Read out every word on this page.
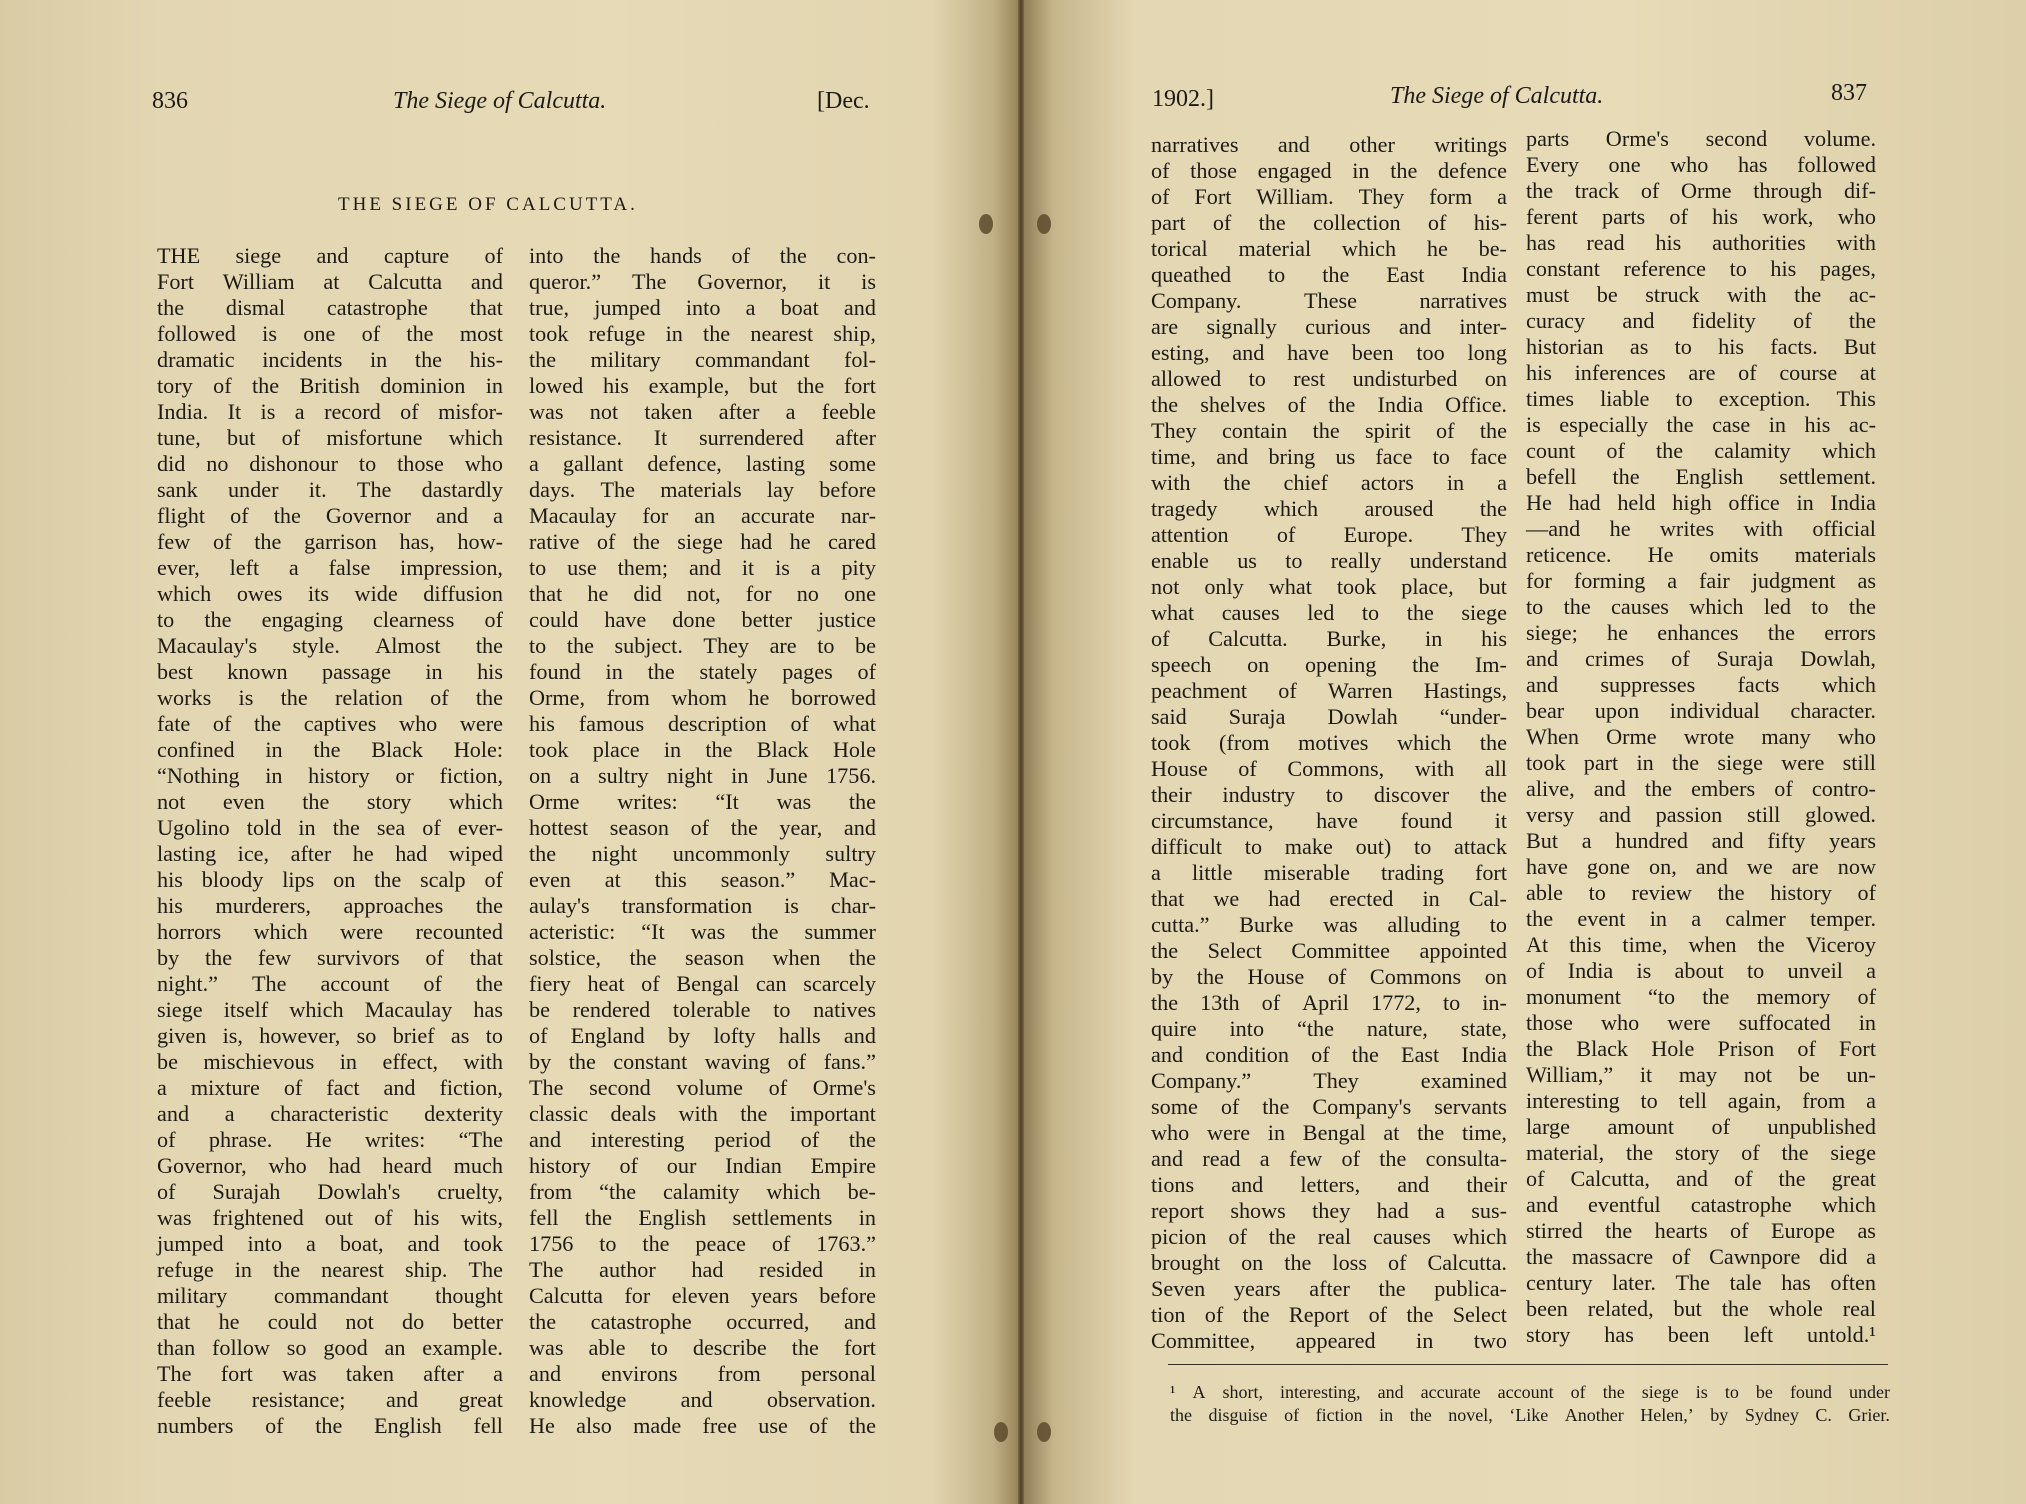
836	The Siege of Calcutta.	[Dec.
THE SIEGE OF CALCUTTA.
THE siege and capture of
Fort William at Calcutta and
the dismal catastrophe that
followed is one of the most
dramatic incidents in the his-
tory of the British dominion in
India. It is a record of misfor-
tune, but of misfortune which
did no dishonour to those who
sank under it. The dastardly
flight of the Governor and a
few of the garrison has, how-
ever, left a false impression,
which owes its wide diffusion
to the engaging clearness of
Macaulay's style. Almost the
best known passage in his
works is the relation of the
fate of the captives who were
confined in the Black Hole:
“Nothing in history or fiction,
not even the story which
Ugolino told in the sea of ever-
lasting ice, after he had wiped
his bloody lips on the scalp of
his murderers, approaches the
horrors which were recounted
by the few survivors of that
night.” The account of the
siege itself which Macaulay has
given is, however, so brief as to
be mischievous in effect, with
a mixture of fact and fiction,
and a characteristic dexterity
of phrase. He writes: “The
Governor, who had heard much
of Surajah Dowlah's cruelty,
was frightened out of his wits,
jumped into a boat, and took
refuge in the nearest ship. The
military commandant thought
that he could not do better
than follow so good an example.
The fort was taken after a
feeble resistance; and great
numbers of the English fell
into the hands of the con-
queror.” The Governor, it is
true, jumped into a boat and
took refuge in the nearest ship,
the military commandant fol-
lowed his example, but the fort
was not taken after a feeble
resistance. It surrendered after
a gallant defence, lasting some
days. The materials lay before
Macaulay for an accurate nar-
rative of the siege had he cared
to use them; and it is a pity
that he did not, for no one
could have done better justice
to the subject. They are to be
found in the stately pages of
Orme, from whom he borrowed
his famous description of what
took place in the Black Hole
on a sultry night in June 1756.
Orme writes: “It was the
hottest season of the year, and
the night uncommonly sultry
even at this season.” Mac-
aulay's transformation is char-
acteristic: “It was the summer
solstice, the season when the
fiery heat of Bengal can scarcely
be rendered tolerable to natives
of England by lofty halls and
by the constant waving of fans.”
The second volume of Orme's
classic deals with the important
and interesting period of the
history of our Indian Empire
from “the calamity which be-
fell the English settlements in
1756 to the peace of 1763.”
The author had resided in
Calcutta for eleven years before
the catastrophe occurred, and
was able to describe the fort
and environs from personal
knowledge and observation.
He also made free use of the
1902.]	The Siege of Calcutta.	837
narratives and other writings
of those engaged in the defence
of Fort William. They form a
part of the collection of his-
torical material which he be-
queathed to the East India
Company.	These	narratives
are signally curious and inter-
esting, and have been too long
allowed to rest undisturbed on
the shelves of the India Office.
They contain the spirit of the
time, and bring us face to face
with the chief actors in a
tragedy which aroused the
attention of Europe. They
enable us to really understand
not only what took place, but
what causes led to the siege
of Calcutta. Burke, in his
speech on opening the Im-
peachment of Warren Hastings,
said Suraja Dowlah “under-
took (from motives which the
House of Commons, with all
their industry to discover the
circumstance, have found it
difficult to make out) to attack
a little miserable trading fort
that we had erected in Cal-
cutta.” Burke was alluding to
the Select Committee appointed
by the House of Commons on
the 13th of April 1772, to in-
quire into “the nature, state,
and condition of the East India
Company.”	They	examined
some of the Company's servants
who were in Bengal at the time,
and read a few of the consulta-
tions and letters, and their
report shows they had a sus-
picion of the real causes which
brought on the loss of Calcutta.
Seven years after the publica-
tion of the Report of the Select
Committee, appeared in two
parts Orme's second volume.
Every one who has followed
the track of Orme through dif-
ferent parts of his work, who
has read his authorities with
constant reference to his pages,
must be struck with the ac-
curacy and fidelity of the
historian as to his facts. But
his inferences are of course at
times liable to exception. This
is especially the case in his ac-
count of the calamity which
befell the English settlement.
He had held high office in India
—and he writes with official
reticence. He omits materials
for forming a fair judgment as
to the causes which led to the
siege; he enhances the errors
and crimes of Suraja Dowlah,
and suppresses facts which
bear upon individual character.
When Orme wrote many who
took part in the siege were still
alive, and the embers of contro-
versy and passion still glowed.
But a hundred and fifty years
have gone on, and we are now
able to review the history of
the event in a calmer temper.
At this time, when the Viceroy
of India is about to unveil a
monument “to the memory of
those who were suffocated in
the Black Hole Prison of Fort
William,” it may not be un-
interesting to tell again, from a
large amount of unpublished
material, the story of the siege
of Calcutta, and of the great
and eventful catastrophe which
stirred the hearts of Europe as
the massacre of Cawnpore did a
century later. The tale has often
been related, but the whole real
story has been left untold.¹
¹ A short, interesting, and accurate account of the siege is to be found under
the disguise of fiction in the novel, ‘Like Another Helen,’ by Sydney C. Grier.
